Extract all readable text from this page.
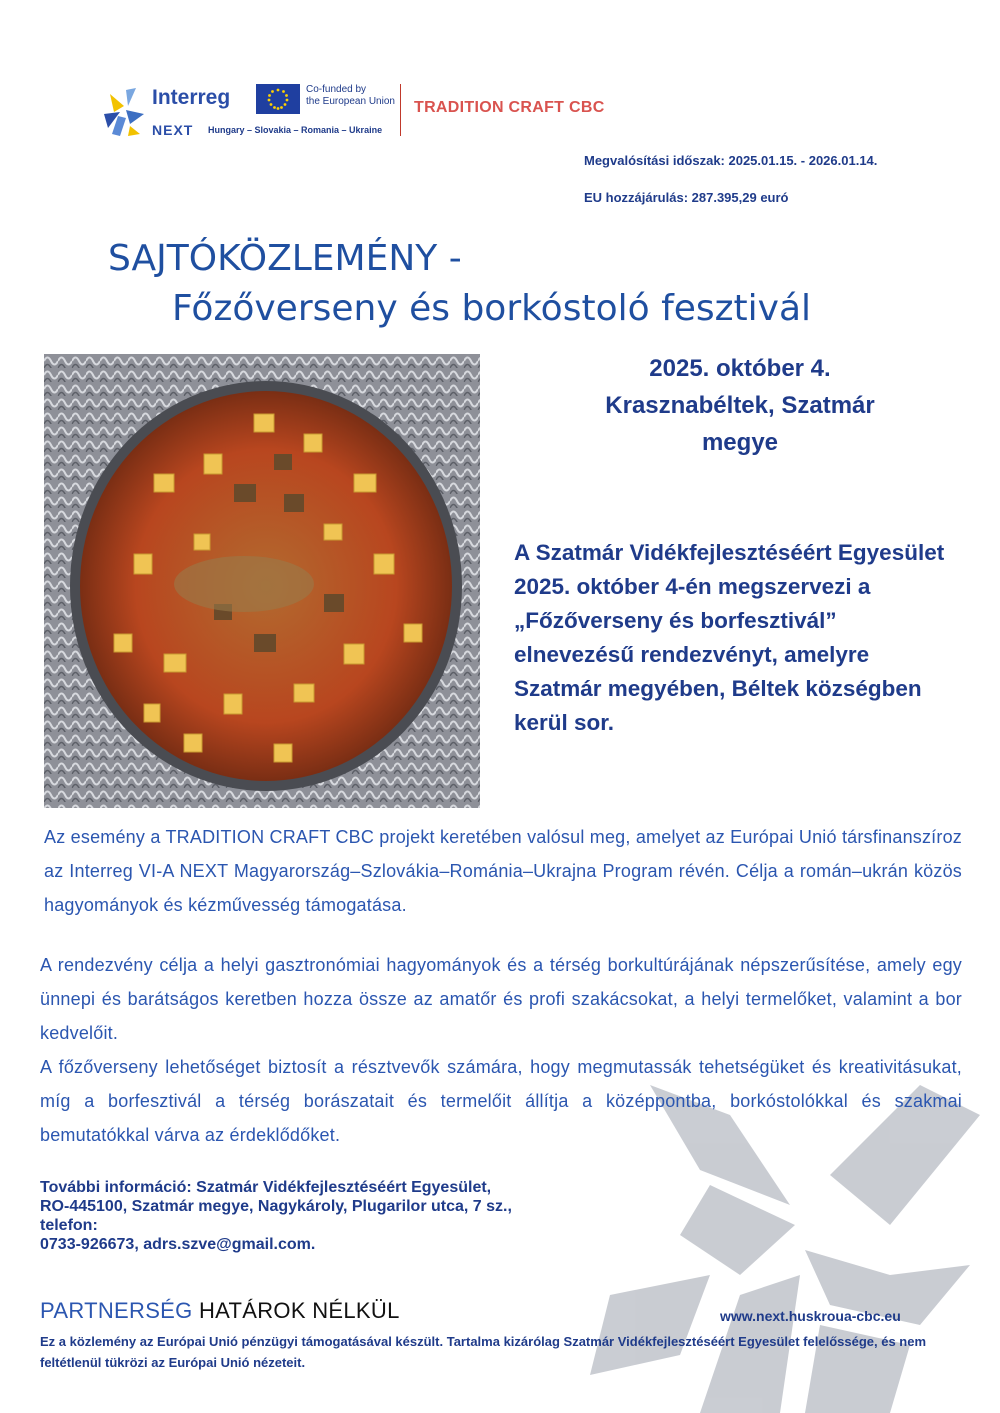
Interreg	Co-funded by
the European Union
NEXT Hungary – Slovakia – Romania – Ukraine
TRADITION CRAFT CBC
Megvalósítási időszak: 2025.01.15. - 2026.01.14.
EU hozzájárulás: 287.395,29 euró
SAJTÓKÖZLEMÉNY -
Főzőverseny és borkóstoló fesztivál
2025. október 4.
Krasznabéltek, Szatmár
megye
A Szatmár Vidékfejlesztéséért Egyesület 2025. október 4-én megszervezi a „Főzőverseny és borfesztivál” elnevezésű rendezvényt, amelyre Szatmár megyében, Béltek községben kerül sor.
Az esemény a TRADITION CRAFT CBC projekt keretében valósul meg, amelyet az Európai Unió társfinanszíroz az Interreg VI-A NEXT Magyarország–Szlovákia–Románia–Ukrajna Program révén. Célja a román–ukrán közös hagyományok és kézművesség támogatása.
A rendezvény célja a helyi gasztronómiai hagyományok és a térség borkultúrájának népszerűsítése, amely egy ünnepi és barátságos keretben hozza össze az amatőr és profi szakácsokat, a helyi termelőket, valamint a bor kedvelőit.
A főzőverseny lehetőséget biztosít a résztvevők számára, hogy megmutassák tehetségüket és kreativitásukat, míg a borfesztivál a térség borászatait és termelőit állítja a középpontba, borkóstolókkal és szakmai bemutatókkal várva az érdeklődőket.
További információ: Szatmár Vidékfejlesztéséért Egyesület,
RO-445100, Szatmár megye, Nagykároly, Plugarilor utca, 7 sz.,
telefon:
0733-926673, adrs.szve@gmail.com.
PARTNERSÉG HATÁROK NÉLKÜL	www.next.huskroua-cbc.eu
Ez a közlemény az Európai Unió pénzügyi támogatásával készült. Tartalma kizárólag Szatmár Vidékfejlesztéséért Egyesület felelőssége, és nem feltétlenül tükrözi az Európai Unió nézeteit.
